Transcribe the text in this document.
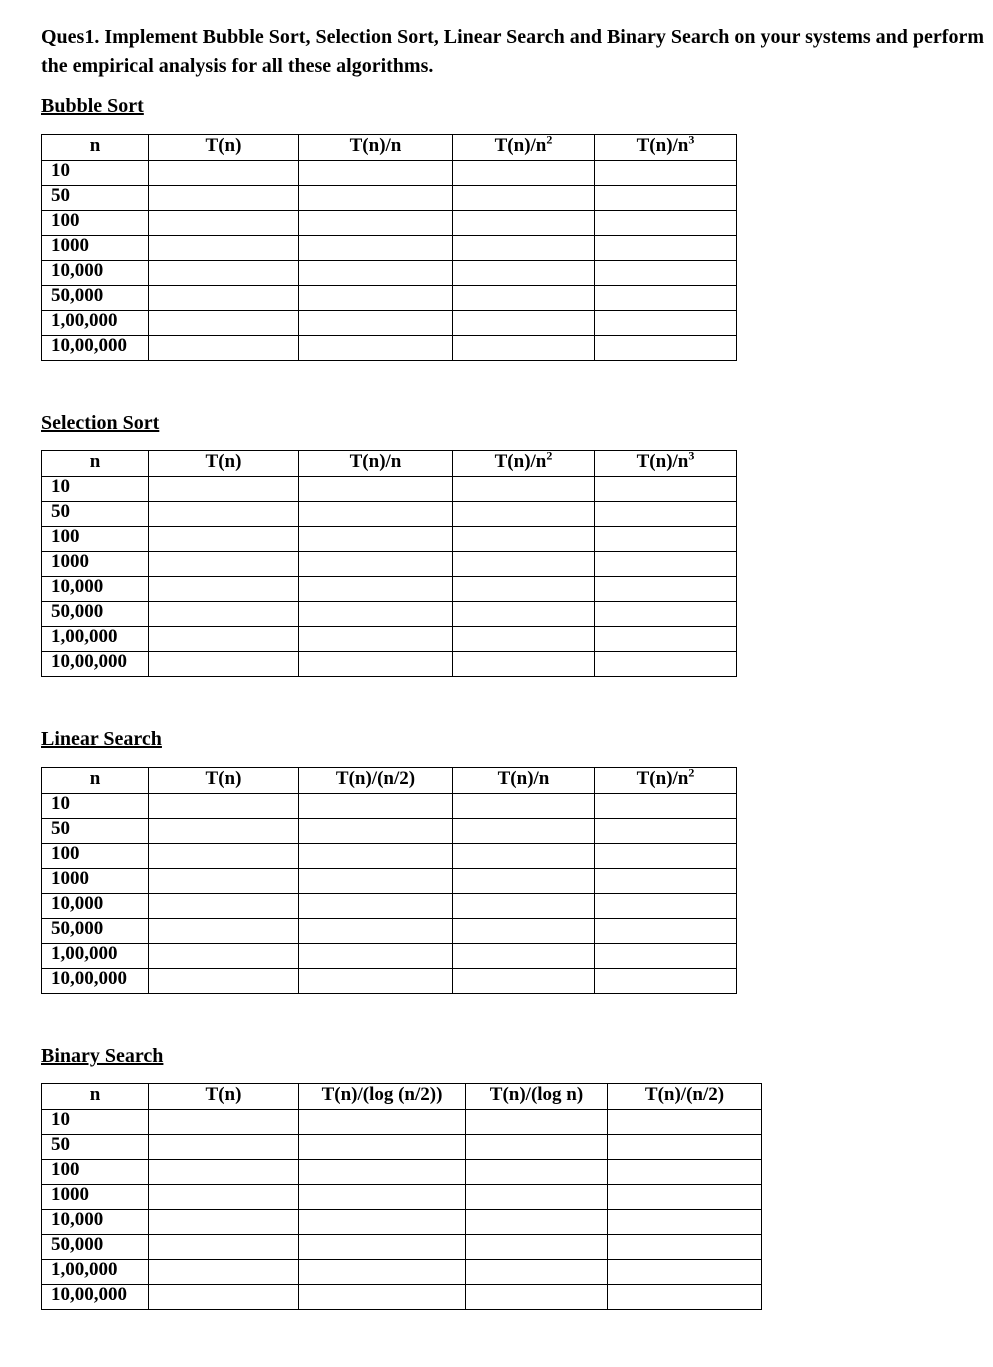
Ques1. Implement Bubble Sort, Selection Sort, Linear Search and Binary Search on your systems and perform the empirical analysis for all these algorithms.

Bubble Sort
n	T(n)	T(n)/n	$T(n)/n^2$	$T(n)/n^3$
10				
50				
100				
1000				
10,000				
50,000				
1,00,000				
10,00,000				
Selection Sort
n	T(n)	T(n)/n	$T(n)/n^2$	$T(n)/n^3$
10				
50				
100				
1000				
10,000				
50,000				
1,00,000				
10,00,000				
Linear Search
n	T(n)	T(n)/(n/2)	T(n)/n	$T(n)/n^2$
10				
50				
100				
1000				
10,000				
50,000				
1,00,000				
10,00,000				
Binary Search
n	T(n)	T(n)/(log (n/2))	T(n)/(log n)	T(n)/(n/2)
10				
50				
100				
1000				
10,000				
50,000				
1,00,000				
10,00,000				
